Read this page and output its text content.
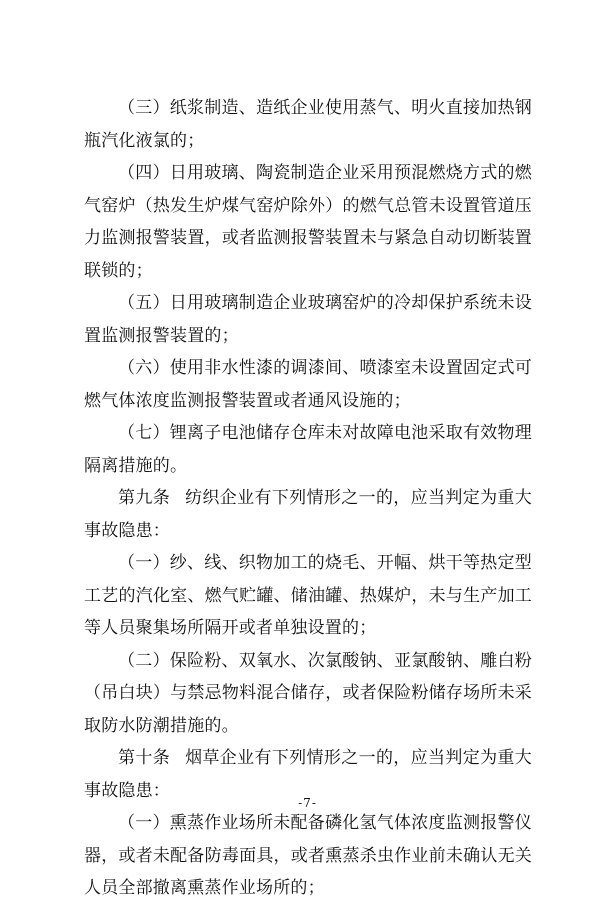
（三）纸浆制造、造纸企业使用蒸气、明火直接加热钢瓶汽化液氯的；

（四）日用玻璃、陶瓷制造企业采用预混燃烧方式的燃气窑炉（热发生炉煤气窑炉除外）的燃气总管未设置管道压力监测报警装置，或者监测报警装置未与紧急自动切断装置联锁的；

（五）日用玻璃制造企业玻璃窑炉的冷却保护系统未设置监测报警装置的；

（六）使用非水性漆的调漆间、喷漆室未设置固定式可燃气体浓度监测报警装置或者通风设施的；

（七）锂离子电池储存仓库未对故障电池采取有效物理隔离措施的。

第九条 纺织企业有下列情形之一的，应当判定为重大事故隐患：

（一）纱、线、织物加工的烧毛、开幅、烘干等热定型工艺的汽化室、燃气贮罐、储油罐、热媒炉，未与生产加工等人员聚集场所隔开或者单独设置的；

（二）保险粉、双氧水、次氯酸钠、亚氯酸钠、雕白粉（吊白块）与禁忌物料混合储存，或者保险粉储存场所未采取防水防潮措施的。

第十条 烟草企业有下列情形之一的，应当判定为重大事故隐患：

（一）熏蒸作业场所未配备磷化氢气体浓度监测报警仪器，或者未配备防毒面具，或者熏蒸杀虫作业前未确认无关人员全部撤离熏蒸作业场所的；

-7-
